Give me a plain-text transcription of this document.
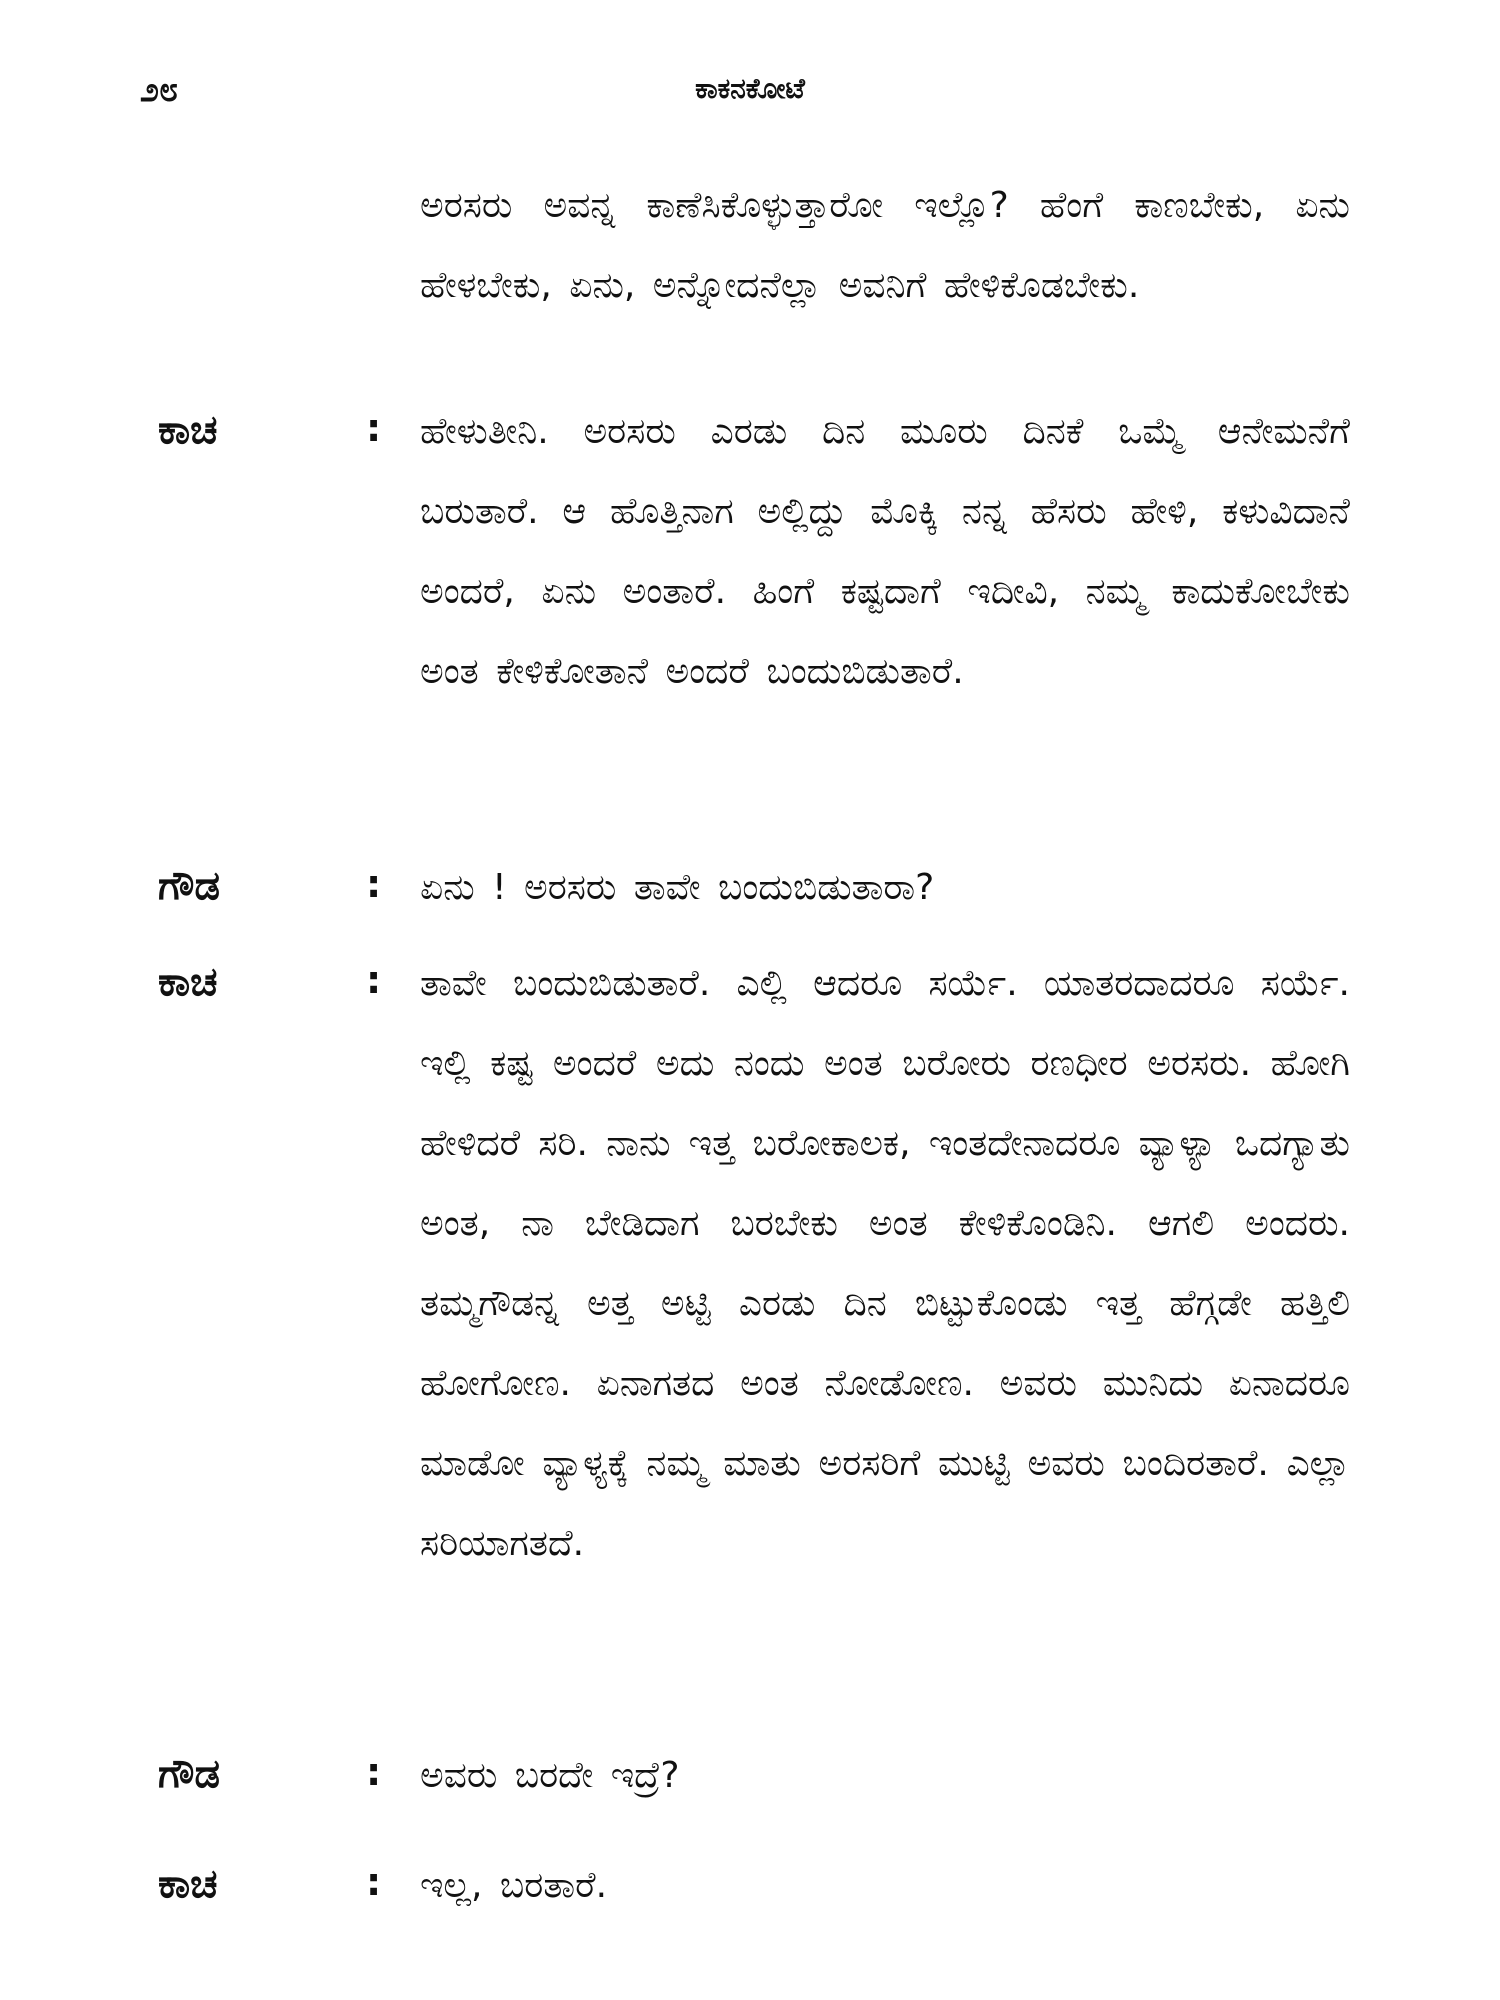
೨೮	ಕಾಕನಕೋಟೆ
ಅರಸರು ಅವನ್ನ ಕಾಣೆಸಿಕೊಳ್ಳುತ್ತಾರೋ ಇಲ್ಲೊ? ಹೆಂಗೆ ಕಾಣಬೇಕು, ಏನು ಹೇಳಬೇಕು, ಏನು, ಅನ್ನೋದನೆಲ್ಲಾ ಅವನಿಗೆ ಹೇಳಿಕೊಡಬೇಕು.
ಕಾಚ	: ಹೇಳುತೀನಿ. ಅರಸರು ಎರಡು ದಿನ ಮೂರು ದಿನಕೆ ಒಮ್ಮೆ ಆನೇಮನೆಗೆ ಬರುತಾರೆ. ಆ ಹೊತ್ತಿನಾಗ ಅಲ್ಲಿದ್ದು ಮೊಕ್ಕಿ ನನ್ನ ಹೆಸರು ಹೇಳಿ, ಕಳುವಿದಾನೆ ಅಂದರೆ, ಏನು ಅಂತಾರೆ. ಹಿಂಗೆ ಕಷ್ಟದಾಗೆ ಇದೀವಿ, ನಮ್ಮ ಕಾದುಕೋಬೇಕು ಅಂತ ಕೇಳಿಕೋತಾನೆ ಅಂದರೆ ಬಂದುಬಿಡುತಾರೆ.
ಗೌಡ	: ಏನು ! ಅರಸರು ತಾವೇ ಬಂದುಬಿಡುತಾರಾ?
ಕಾಚ	: ತಾವೇ ಬಂದುಬಿಡುತಾರೆ. ಎಲ್ಲಿ ಆದರೂ ಸರ್ಯೆ. ಯಾತರದಾದರೂ ಸರ್ಯೆ. ಇಲ್ಲಿ ಕಷ್ಟ ಅಂದರೆ ಅದು ನಂದು ಅಂತ ಬರೋರು ರಣಧೀರ ಅರಸರು. ಹೋಗಿ ಹೇಳಿದರೆ ಸರಿ. ನಾನು ಇತ್ತ ಬರೋಕಾಲಕ, ಇಂತದೇನಾದರೂ ವ್ಯಾಳ್ಯಾ ಒದಗ್ಯಾತು ಅಂತ, ನಾ ಬೇಡಿದಾಗ ಬರಬೇಕು ಅಂತ ಕೇಳಿಕೊಂಡಿನಿ. ಆಗಲಿ ಅಂದರು. ತಮ್ಮಗೌಡನ್ನ ಅತ್ತ ಅಟ್ಟಿ ಎರಡು ದಿನ ಬಿಟ್ಟುಕೊಂಡು ಇತ್ತ ಹೆಗ್ಗಡೇ ಹತ್ತಿಲಿ ಹೋಗೋಣ. ಏನಾಗತದ ಅಂತ ನೋಡೋಣ. ಅವರು ಮುನಿದು ಏನಾದರೂ ಮಾಡೋ ವ್ಯಾಳ್ಯಕ್ಕೆ ನಮ್ಮ ಮಾತು ಅರಸರಿಗೆ ಮುಟ್ಟಿ ಅವರು ಬಂದಿರತಾರೆ. ಎಲ್ಲಾ ಸರಿಯಾಗತದೆ.
ಗೌಡ	: ಅವರು ಬರದೇ ಇದ್ರೆ?
ಕಾಚ	: ಇಲ್ಲ, ಬರತಾರೆ.
